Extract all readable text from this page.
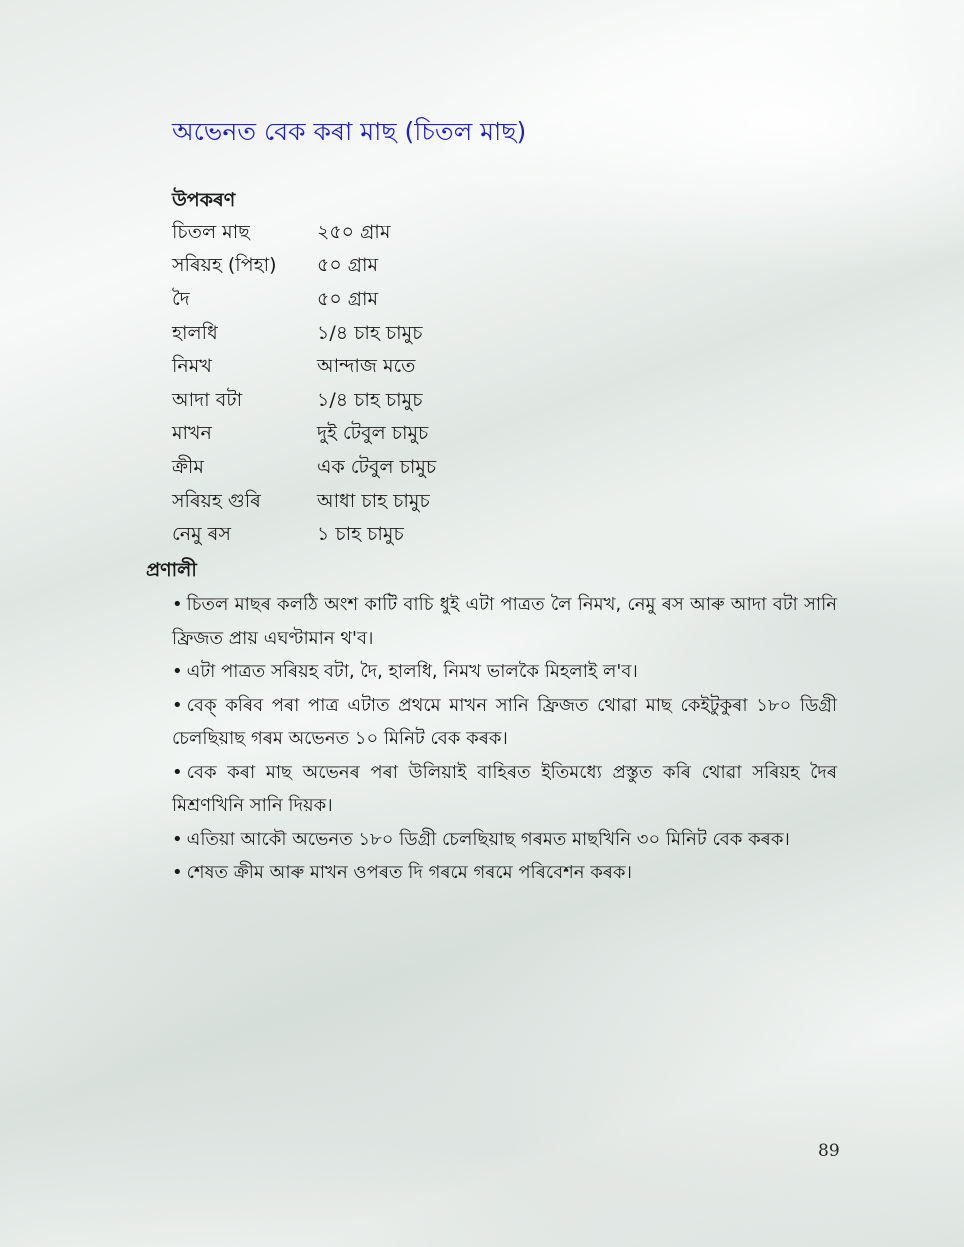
অভেনত বেক কৰা মাছ (চিতল মাছ)
উপকৰণ
চিতল মাছ	২৫০ গ্ৰাম
সৰিয়হ (পিহা)	৫০ গ্ৰাম
দৈ	৫০ গ্ৰাম
হালধি	১/৪ চাহ চামুচ
নিমখ	আন্দাজ মতে
আদা বটা	১/৪ চাহ চামুচ
মাখন	দুই টেবুল চামুচ
ক্ৰীম	এক টেবুল চামুচ
সৰিয়হ গুৰি	আধা চাহ চামুচ
নেমু ৰস	১ চাহ চামুচ
প্ৰণালী
• চিতল মাছৰ কলঠি অংশ কাটি বাচি ধুই এটা পাত্ৰত লৈ নিমখ, নেমু ৰস আৰু আদা বটা সানি ফ্ৰিজত প্ৰায় এঘণ্টামান থ'ব।
• এটা পাত্ৰত সৰিয়হ বটা, দৈ, হালধি, নিমখ ভালকৈ মিহলাই ল'ব।
• বেক্ কৰিব পৰা পাত্ৰ এটাত প্ৰথমে মাখন সানি ফ্ৰিজত থোৱা মাছ কেইটুকুৰা ১৮০ ডিগ্ৰী চেলছিয়াছ গৰম অভেনত ১০ মিনিট বেক কৰক।
• বেক কৰা মাছ অভেনৰ পৰা উলিয়াই বাহিৰত ইতিমধ্যে প্ৰস্তুত কৰি থোৱা সৰিয়হ দৈৰ মিশ্ৰণখিনি সানি দিয়ক।
• এতিয়া আকৌ অভেনত ১৮০ ডিগ্ৰী চেলছিয়াছ গৰমত মাছখিনি ৩০ মিনিট বেক কৰক।
• শেষত ক্ৰীম আৰু মাখন ওপৰত দি গৰমে গৰমে পৰিবেশন কৰক।
89
